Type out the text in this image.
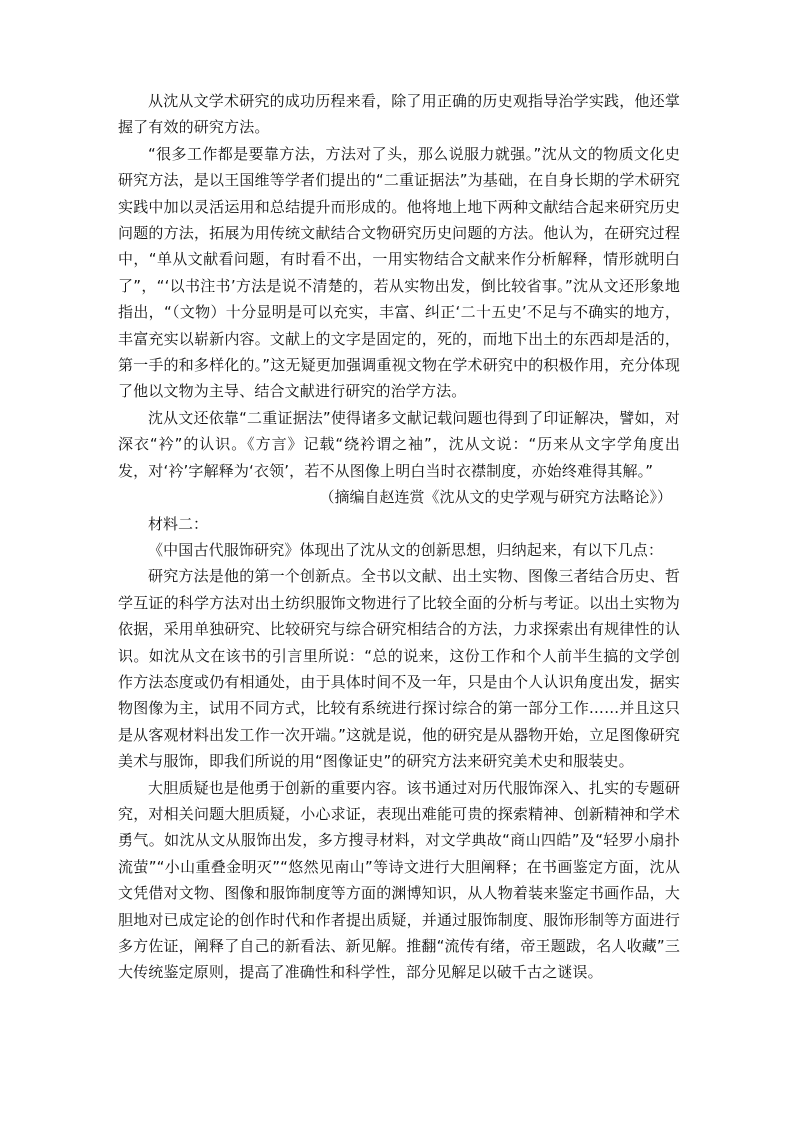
从沈从文学术研究的成功历程来看，除了用正确的历史观指导治学实践，他还掌握了有效的研究方法。

“很多工作都是要靠方法，方法对了头，那么说服力就强。”沈从文的物质文化史研究方法，是以王国维等学者们提出的“二重证据法”为基础，在自身长期的学术研究实践中加以灵活运用和总结提升而形成的。他将地上地下两种文献结合起来研究历史问题的方法，拓展为用传统文献结合文物研究历史问题的方法。他认为，在研究过程中，“单从文献看问题，有时看不出，一用实物结合文献来作分析解释，情形就明白了”，“‘以书注书’方法是说不清楚的，若从实物出发，倒比较省事。”沈从文还形象地指出，“（文物）十分显明是可以充实，丰富、纠正‘二十五史’不足与不确实的地方，丰富充实以崭新内容。文献上的文字是固定的，死的，而地下出土的东西却是活的，第一手的和多样化的。”这无疑更加强调重视文物在学术研究中的积极作用，充分体现了他以文物为主导、结合文献进行研究的治学方法。

沈从文还依靠“二重证据法”使得诸多文献记载问题也得到了印证解决，譬如，对深衣“衿”的认识。《方言》记载“绕衿谓之袖”，沈从文说：“历来从文字学角度出发，对‘衿’字解释为‘衣领’，若不从图像上明白当时衣襟制度，亦始终难得其解。”

（摘编自赵连赏《沈从文的史学观与研究方法略论》）

材料二：

《中国古代服饰研究》体现出了沈从文的创新思想，归纳起来，有以下几点：

研究方法是他的第一个创新点。全书以文献、出土实物、图像三者结合历史、哲学互证的科学方法对出土纺织服饰文物进行了比较全面的分析与考证。以出土实物为依据，采用单独研究、比较研究与综合研究相结合的方法，力求探索出有规律性的认识。如沈从文在该书的引言里所说：“总的说来，这份工作和个人前半生搞的文学创作方法态度或仍有相通处，由于具体时间不及一年，只是由个人认识角度出发，据实物图像为主，试用不同方式，比较有系统进行探讨综合的第一部分工作……并且这只是从客观材料出发工作一次开端。”这就是说，他的研究是从器物开始，立足图像研究美术与服饰，即我们所说的用“图像证史”的研究方法来研究美术史和服装史。

大胆质疑也是他勇于创新的重要内容。该书通过对历代服饰深入、扎实的专题研究，对相关问题大胆质疑，小心求证，表现出难能可贵的探索精神、创新精神和学术勇气。如沈从文从服饰出发，多方搜寻材料，对文学典故“商山四皓”及“轻罗小扇扑流萤”“小山重叠金明灭”“悠然见南山”等诗文进行大胆阐释；在书画鉴定方面，沈从文凭借对文物、图像和服饰制度等方面的渊博知识，从人物着装来鉴定书画作品，大胆地对已成定论的创作时代和作者提出质疑，并通过服饰制度、服饰形制等方面进行多方佐证，阐释了自己的新看法、新见解。推翻“流传有绪，帝王题跋，名人收藏”三大传统鉴定原则，提高了准确性和科学性，部分见解足以破千古之谜误。
